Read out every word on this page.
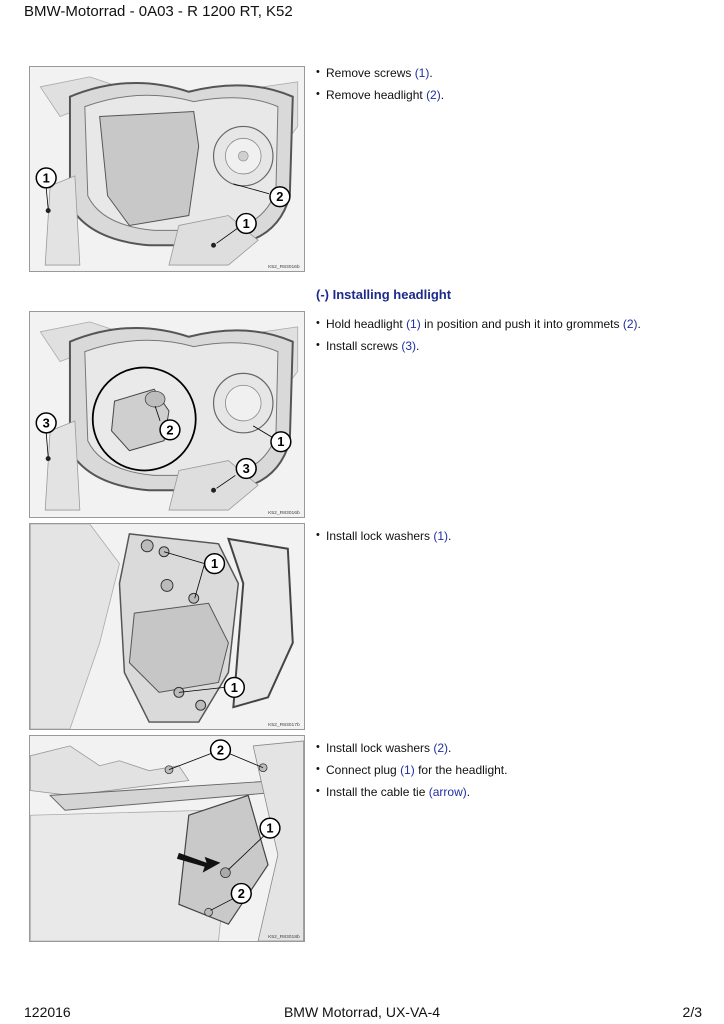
BMW-Motorrad - 0A03 - R 1200 RT, K52
1
2
1
K52_R83016b
• Remove screws (1).
• Remove headlight (2).
(-) Installing headlight
3	2
1
3
K52_R83016b
• Hold headlight (1) in position and push it into grommets (2).
• Install screws (3).
1
1
K52_R83017b
• Install lock washers (1).
2
1
2
K52_R83018b
• Install lock washers (2).
• Connect plug (1) for the headlight.
• Install the cable tie (arrow).
122016	BMW Motorrad, UX-VA-4	2/3
